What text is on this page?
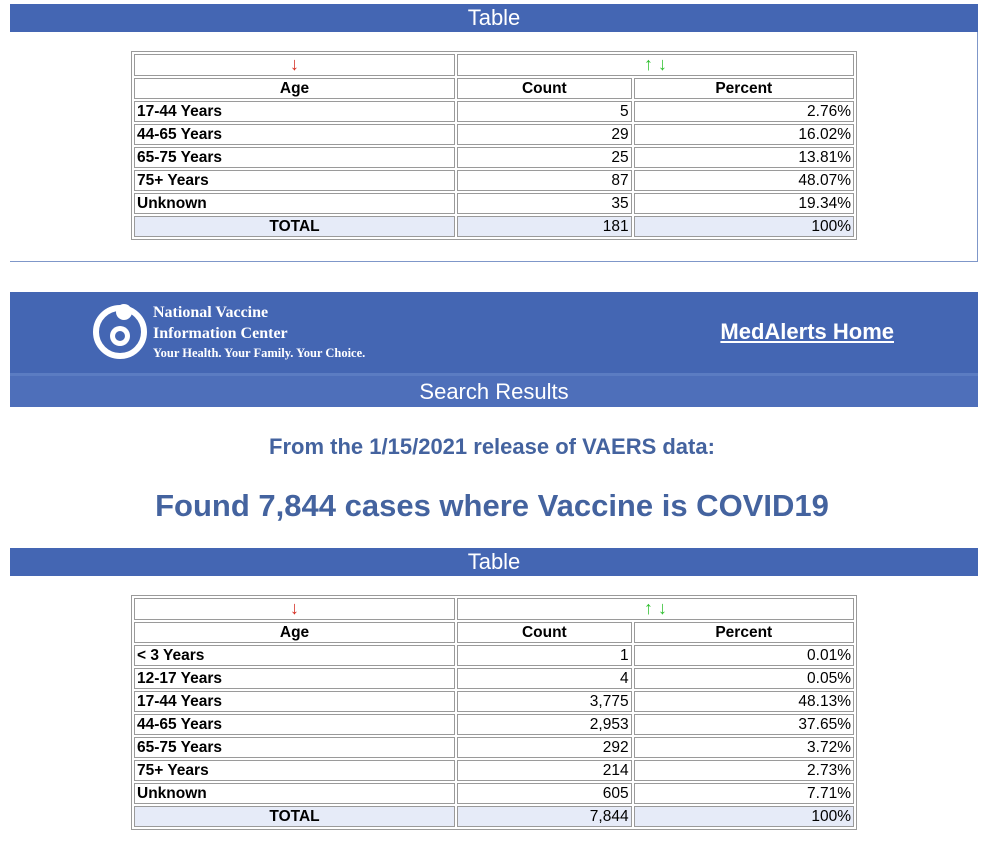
Table
↓	↑ ↓	
Age	Count	Percent
17-44 Years	5	2.76%
44-65 Years	29	16.02%
65-75 Years	25	13.81%
75+ Years	87	48.07%
Unknown	35	19.34%
TOTAL	181	100%
National Vaccine
Information Center
Your Health. Your Family. Your Choice.
MedAlerts Home
Search Results
From the 1/15/2021 release of VAERS data:
Found 7,844 cases where Vaccine is COVID19
Table
↓	↑ ↓	
Age	Count	Percent
< 3 Years	1	0.01%
12-17 Years	4	0.05%
17-44 Years	3,775	48.13%
44-65 Years	2,953	37.65%
65-75 Years	292	3.72%
75+ Years	214	2.73%
Unknown	605	7.71%
TOTAL	7,844	100%
